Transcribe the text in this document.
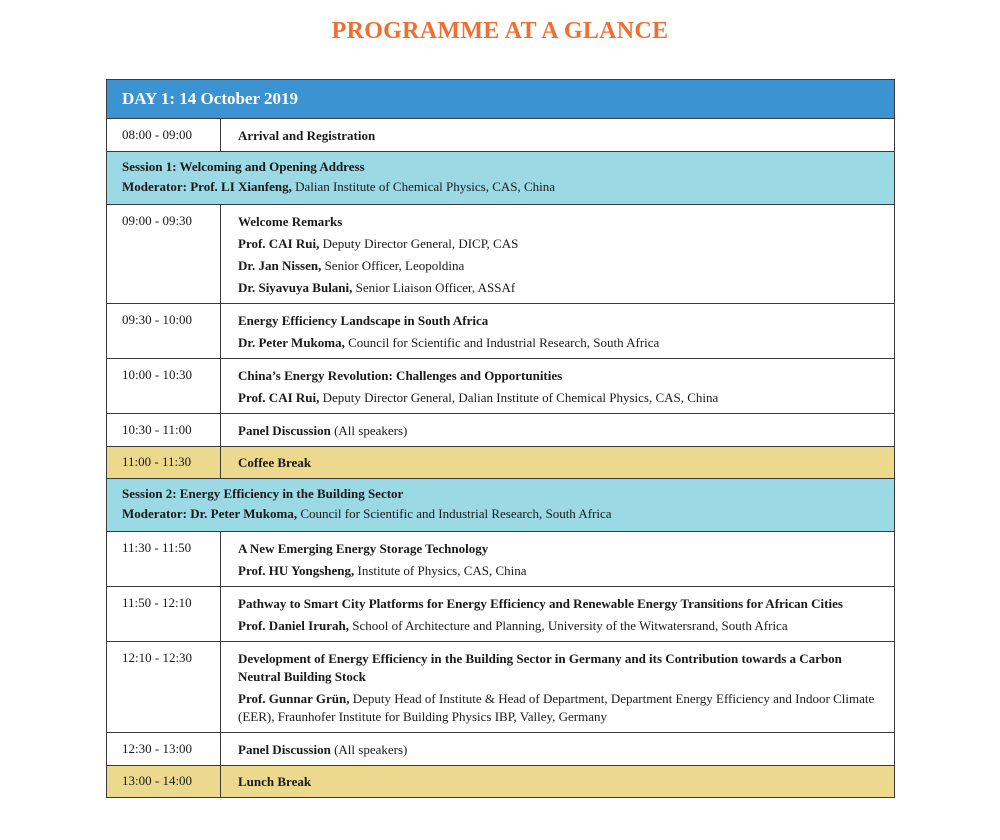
PROGRAMME AT A GLANCE
DAY 1: 14 October 2019
08:00 - 09:00	Arrival and Registration
Session 1: Welcoming and Opening Address
Moderator: Prof. LI Xianfeng, Dalian Institute of Chemical Physics, CAS, China
09:00 - 09:30	Welcome Remarks
Prof. CAI Rui, Deputy Director General, DICP, CAS
Dr. Jan Nissen, Senior Officer, Leopoldina
Dr. Siyavuya Bulani, Senior Liaison Officer, ASSAf
09:30 - 10:00	Energy Efficiency Landscape in South Africa
Dr. Peter Mukoma, Council for Scientific and Industrial Research, South Africa
10:00 - 10:30	China’s Energy Revolution: Challenges and Opportunities
Prof. CAI Rui, Deputy Director General, Dalian Institute of Chemical Physics, CAS, China
10:30 - 11:00	Panel Discussion (All speakers)
11:00 - 11:30	Coffee Break
Session 2: Energy Efficiency in the Building Sector
Moderator: Dr. Peter Mukoma, Council for Scientific and Industrial Research, South Africa
11:30 - 11:50	A New Emerging Energy Storage Technology
Prof. HU Yongsheng, Institute of Physics, CAS, China
11:50 - 12:10	Pathway to Smart City Platforms for Energy Efficiency and Renewable Energy Transitions for African Cities
Prof. Daniel Irurah, School of Architecture and Planning, University of the Witwatersrand, South Africa
12:10 - 12:30	Development of Energy Efficiency in the Building Sector in Germany and its Contribution towards a Carbon Neutral Building Stock
Prof. Gunnar Grün, Deputy Head of Institute & Head of Department, Department Energy Efficiency and Indoor Climate (EER), Fraunhofer Institute for Building Physics IBP, Valley, Germany
12:30 - 13:00	Panel Discussion (All speakers)
13:00 - 14:00	Lunch Break
